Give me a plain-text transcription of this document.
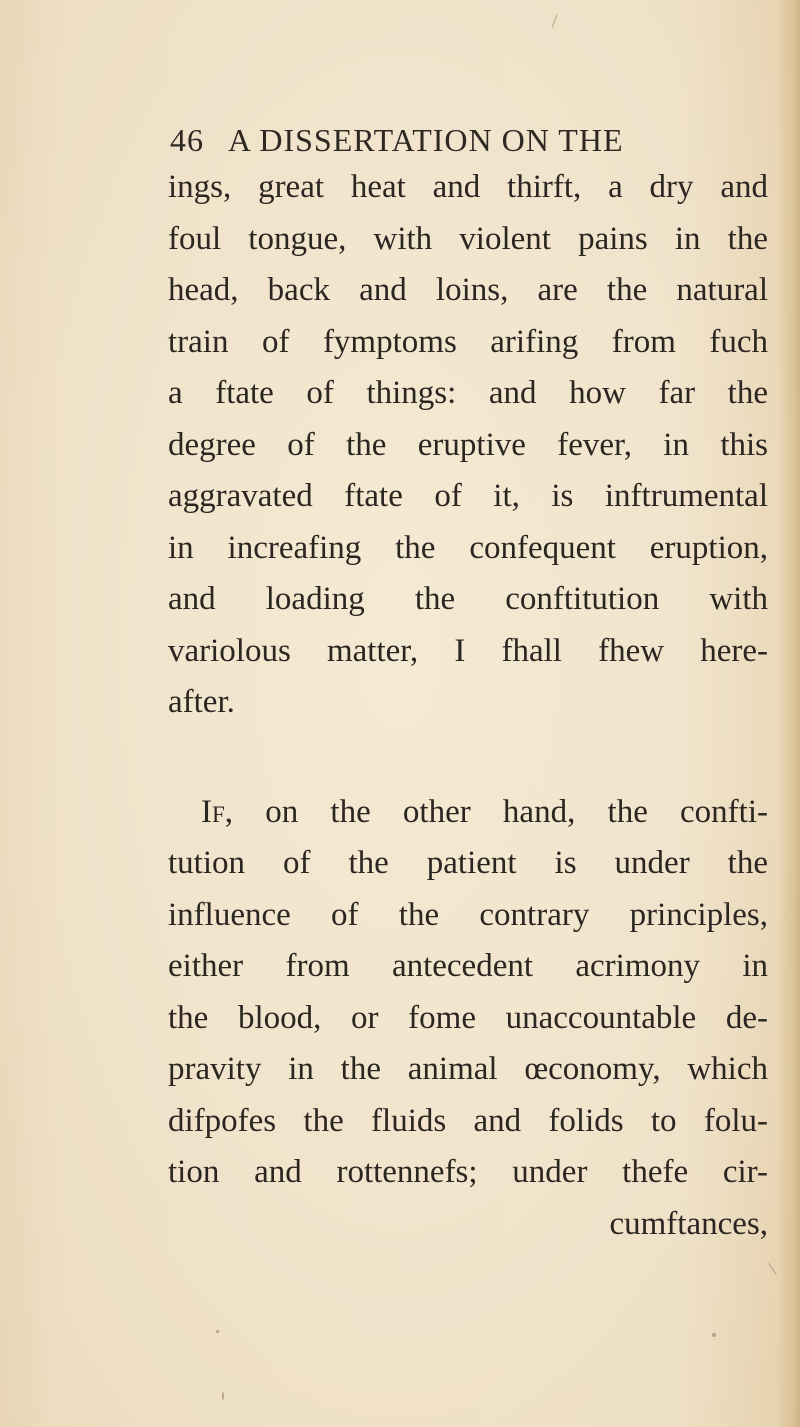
46 A DISSERTATION ON THE
ings, great heat and thirft, a dry and
foul tongue, with violent pains in the
head, back and loins, are the natural
train of fymptoms arifing from fuch
a ftate of things: and how far the
degree of the eruptive fever, in this
aggravated ftate of it, is inftrumental
in increafing the confequent eruption,
and loading the conftitution with
variolous matter, I fhall fhew here-
after.
If, on the other hand, the confti-
tution of the patient is under the
influence of the contrary principles,
either from antecedent acrimony in
the blood, or fome unaccountable de-
pravity in the animal œconomy, which
difpofes the fluids and folids to folu-
tion and rottennefs; under thefe cir-
cumftances,
